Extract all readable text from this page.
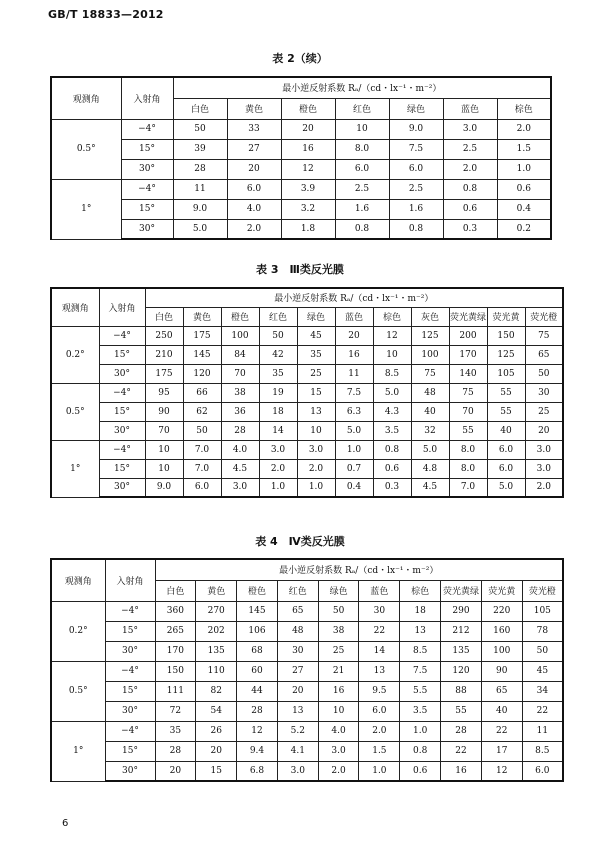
GB/T 18833—2012
表 2（续）
观测角	入射角	最小逆反射系数 Rₐ/（cd・lx⁻¹・m⁻²）						
		白色	黄色	橙色	红色	绿色	蓝色	棕色
0.5°	−4°	50	33	20	10	9.0	3.0	2.0
	15°	39	27	16	8.0	7.5	2.5	1.5
	30°	28	20	12	6.0	6.0	2.0	1.0
1°	−4°	11	6.0	3.9	2.5	2.5	0.8	0.6
	15°	9.0	4.0	3.2	1.6	1.6	0.6	0.4
	30°	5.0	2.0	1.8	0.8	0.8	0.3	0.2
表 3　Ⅲ类反光膜
观测角	入射角	最小逆反射系数 Rₐ/（cd・lx⁻¹・m⁻²）										
		白色	黄色	橙色	红色	绿色	蓝色	棕色	灰色	荧光黄绿	荧光黄	荧光橙
0.2°	−4°	250	175	100	50	45	20	12	125	200	150	75
	15°	210	145	84	42	35	16	10	100	170	125	65
	30°	175	120	70	35	25	11	8.5	75	140	105	50
0.5°	−4°	95	66	38	19	15	7.5	5.0	48	75	55	30
	15°	90	62	36	18	13	6.3	4.3	40	70	55	25
	30°	70	50	28	14	10	5.0	3.5	32	55	40	20
1°	−4°	10	7.0	4.0	3.0	3.0	1.0	0.8	5.0	8.0	6.0	3.0
	15°	10	7.0	4.5	2.0	2.0	0.7	0.6	4.8	8.0	6.0	3.0
	30°	9.0	6.0	3.0	1.0	1.0	0.4	0.3	4.5	7.0	5.0	2.0
表 4　Ⅳ类反光膜
观测角	入射角	最小逆反射系数 Rₐ/（cd・lx⁻¹・m⁻²）									
		白色	黄色	橙色	红色	绿色	蓝色	棕色	荧光黄绿	荧光黄	荧光橙
0.2°	−4°	360	270	145	65	50	30	18	290	220	105
	15°	265	202	106	48	38	22	13	212	160	78
	30°	170	135	68	30	25	14	8.5	135	100	50
0.5°	−4°	150	110	60	27	21	13	7.5	120	90	45
	15°	111	82	44	20	16	9.5	5.5	88	65	34
	30°	72	54	28	13	10	6.0	3.5	55	40	22
1°	−4°	35	26	12	5.2	4.0	2.0	1.0	28	22	11
	15°	28	20	9.4	4.1	3.0	1.5	0.8	22	17	8.5
	30°	20	15	6.8	3.0	2.0	1.0	0.6	16	12	6.0
6
